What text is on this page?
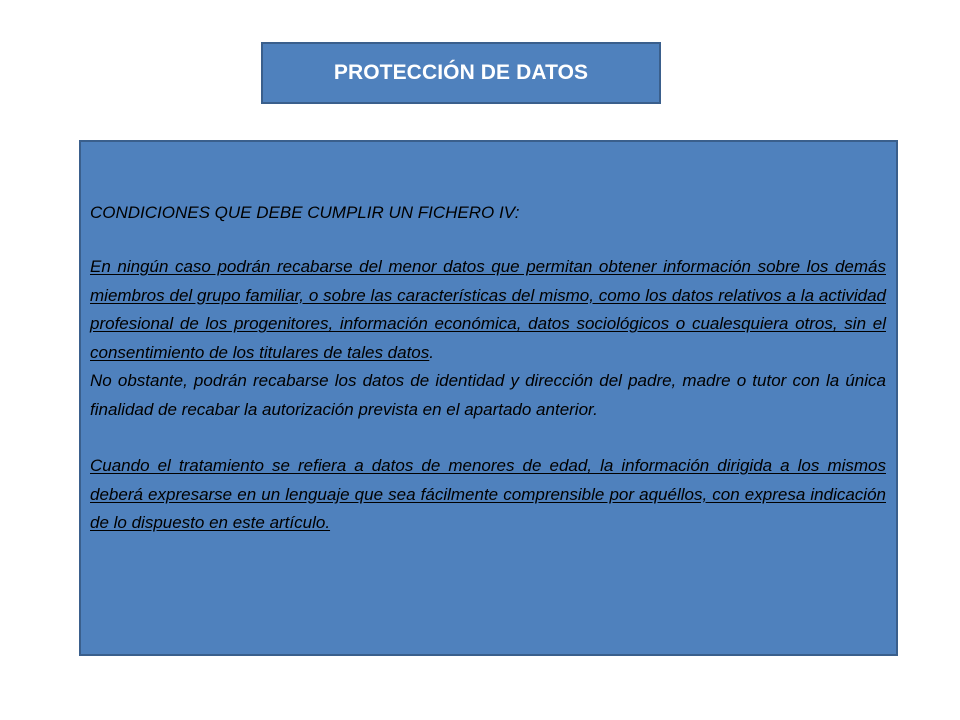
PROTECCIÓN DE DATOS

CONDICIONES QUE DEBE CUMPLIR UN FICHERO IV:

En ningún caso podrán recabarse del menor datos que permitan obtener información sobre los demás miembros del grupo familiar, o sobre las características del mismo, como los datos relativos a la actividad profesional de los progenitores, información económica, datos sociológicos o cualesquiera otros, sin el consentimiento de los titulares de tales datos.

No obstante, podrán recabarse los datos de identidad y dirección del padre, madre o tutor con la única finalidad de recabar la autorización prevista en el apartado anterior.

Cuando el tratamiento se refiera a datos de menores de edad, la información dirigida a los mismos deberá expresarse en un lenguaje que sea fácilmente comprensible por aquéllos, con expresa indicación de lo dispuesto en este artículo.
